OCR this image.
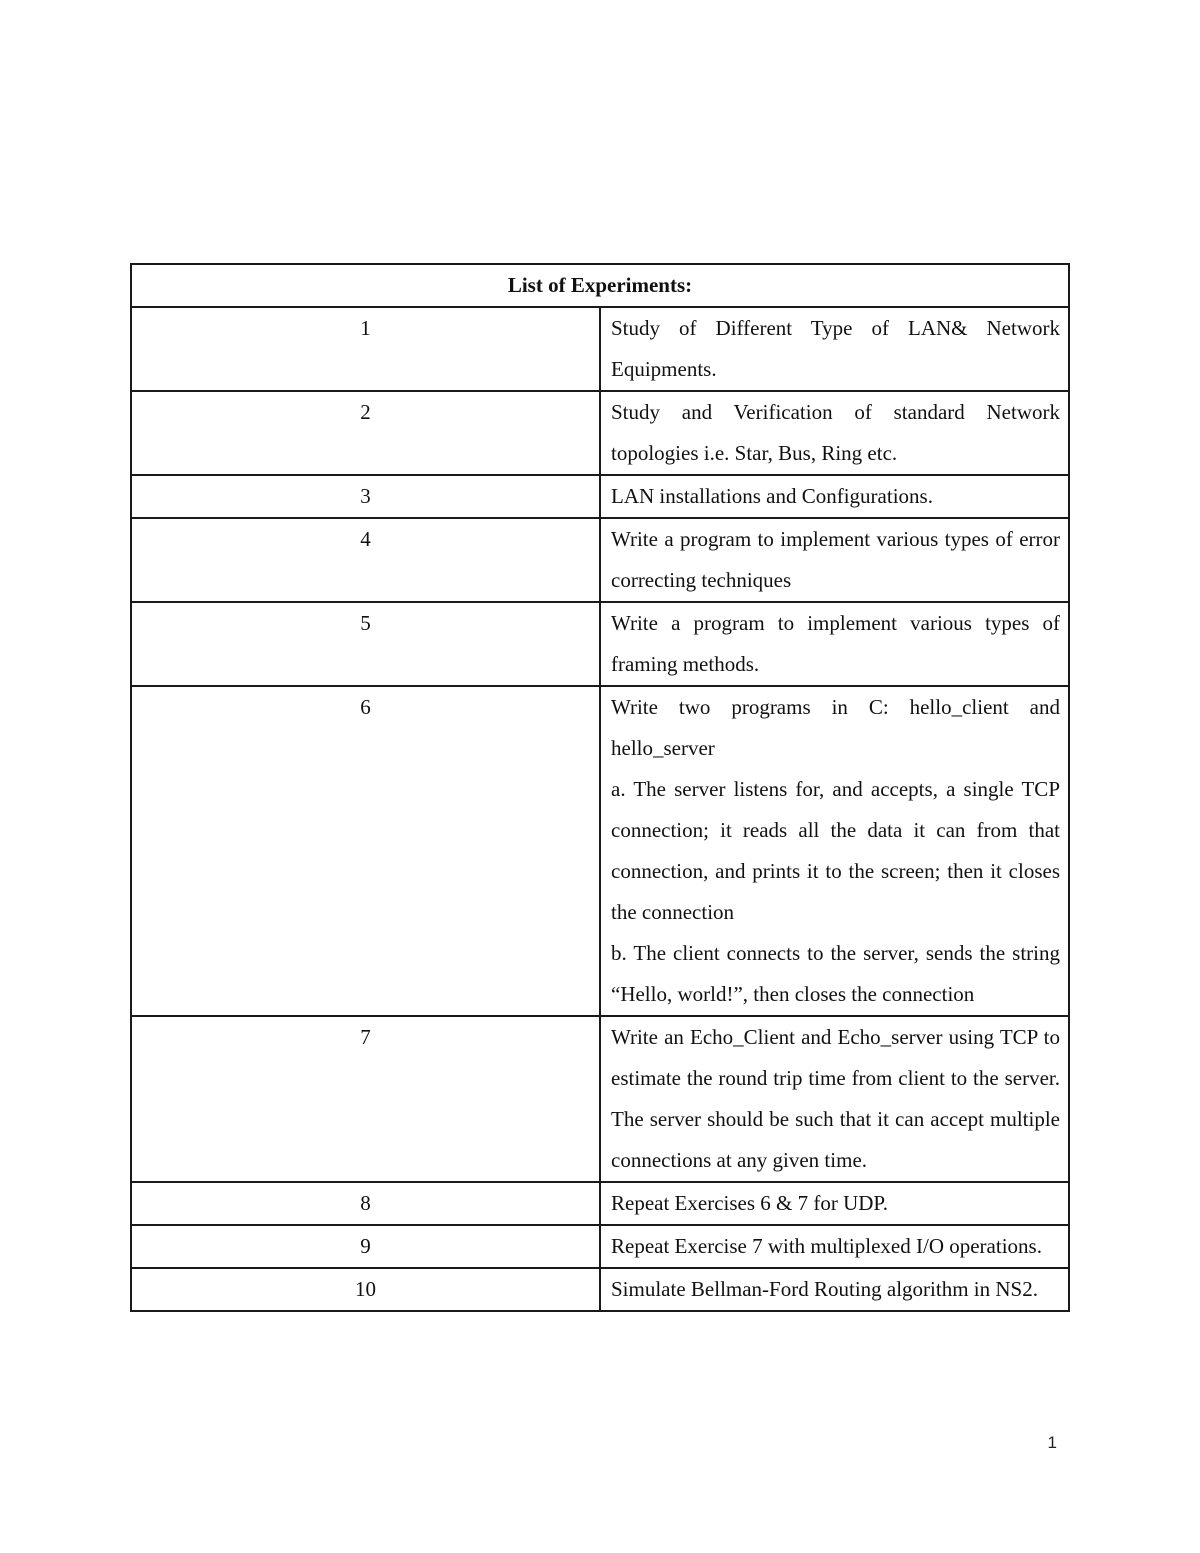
List of Experiments:	
1	Study of Different Type of LAN& Network Equipments.

2	Study and Verification of standard Network topologies i.e. Star, Bus, Ring etc.

3	LAN installations and Configurations.

4	Write a program to implement various types of error correcting techniques

5	Write a program to implement various types of framing methods.

6	Write two programs in C: hello_client and hello_server
a. The server listens for, and accepts, a single TCP connection; it reads all the data it can from that connection, and prints it to the screen; then it closes the connection
b. The client connects to the server, sends the string “Hello, world!”, then closes the connection

7	Write an Echo_Client and Echo_server using TCP to estimate the round trip time from client to the server. The server should be such that it can accept multiple connections at any given time.

8	Repeat Exercises 6 & 7 for UDP.

9	Repeat Exercise 7 with multiplexed I/O operations.

10	Simulate Bellman-Ford Routing algorithm in NS2.
1
